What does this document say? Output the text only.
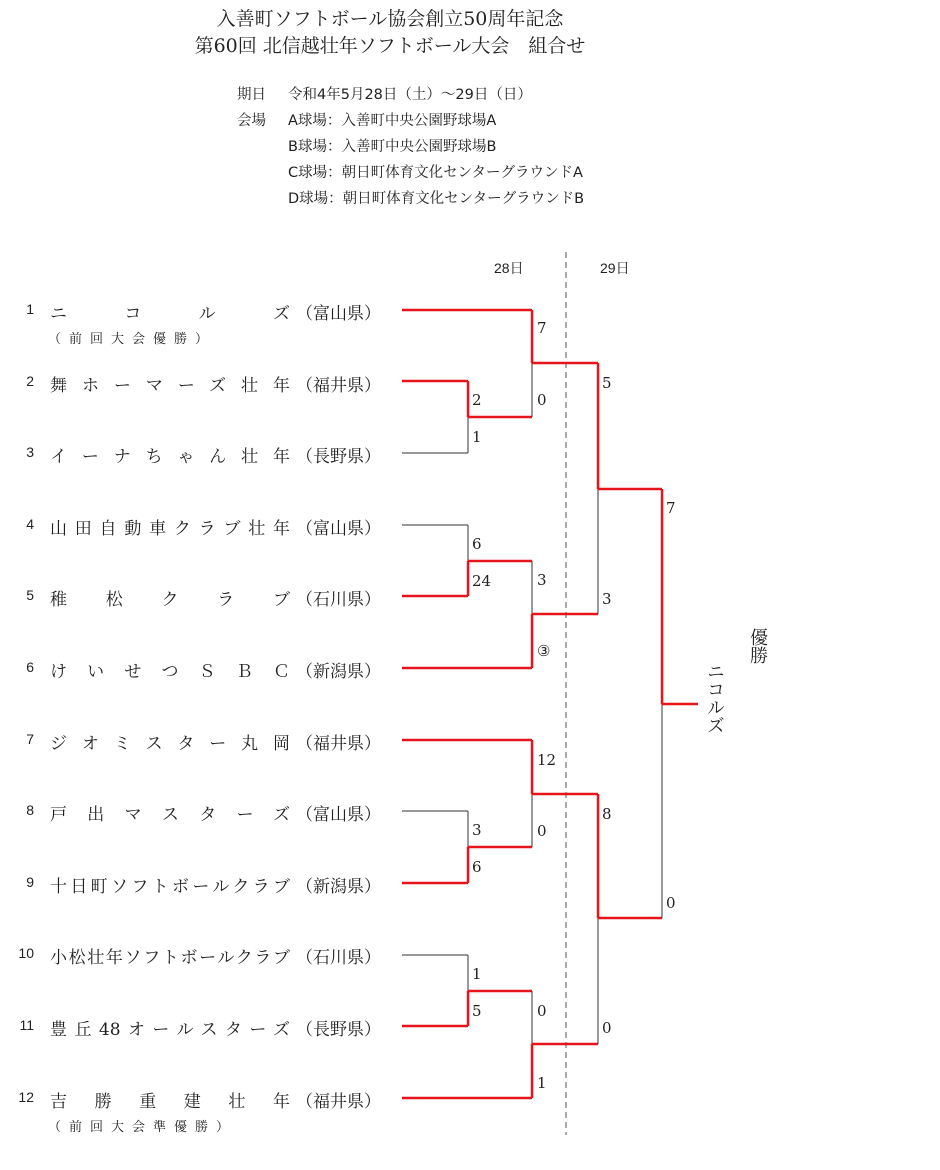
入善町ソフトボール協会創立50周年記念
第60回 北信越壮年ソフトボール大会　組合せ
期日 令和4年5月28日（土）～29日（日）
会場 A球場：入善町中央公園野球場A
B球場：入善町中央公園野球場B
C球場：朝日町体育文化センターグラウンドA
D球場：朝日町体育文化センターグラウンドB
28日	29日
1 ニ　コ　ル　ズ （富山県）
（前回大会優勝）
2 舞ホーマーズ壮年 （福井県）
3 イーナちゃん壮年 （長野県）
4 山田自動車クラブ壮年 （富山県）
5 稚　松　ク　ラ　ブ （石川県）
6 けいせつＳＢＣ （新潟県）
7 ジオミスター丸岡 （福井県）
8 戸出マスターズ （富山県）
9 十日町ソフトボールクラブ （新潟県）
10 小松壮年ソフトボールクラブ （石川県）
11 豊丘48オールスターズ （長野県）
12 吉　勝　重　建　壮　年 （福井県）
（前回大会準優勝）
2
1
6
24
3
6
1
5
7
0
3
③
12
0
0
1
5
3
8
0
7
0
優勝
ニコルズ
